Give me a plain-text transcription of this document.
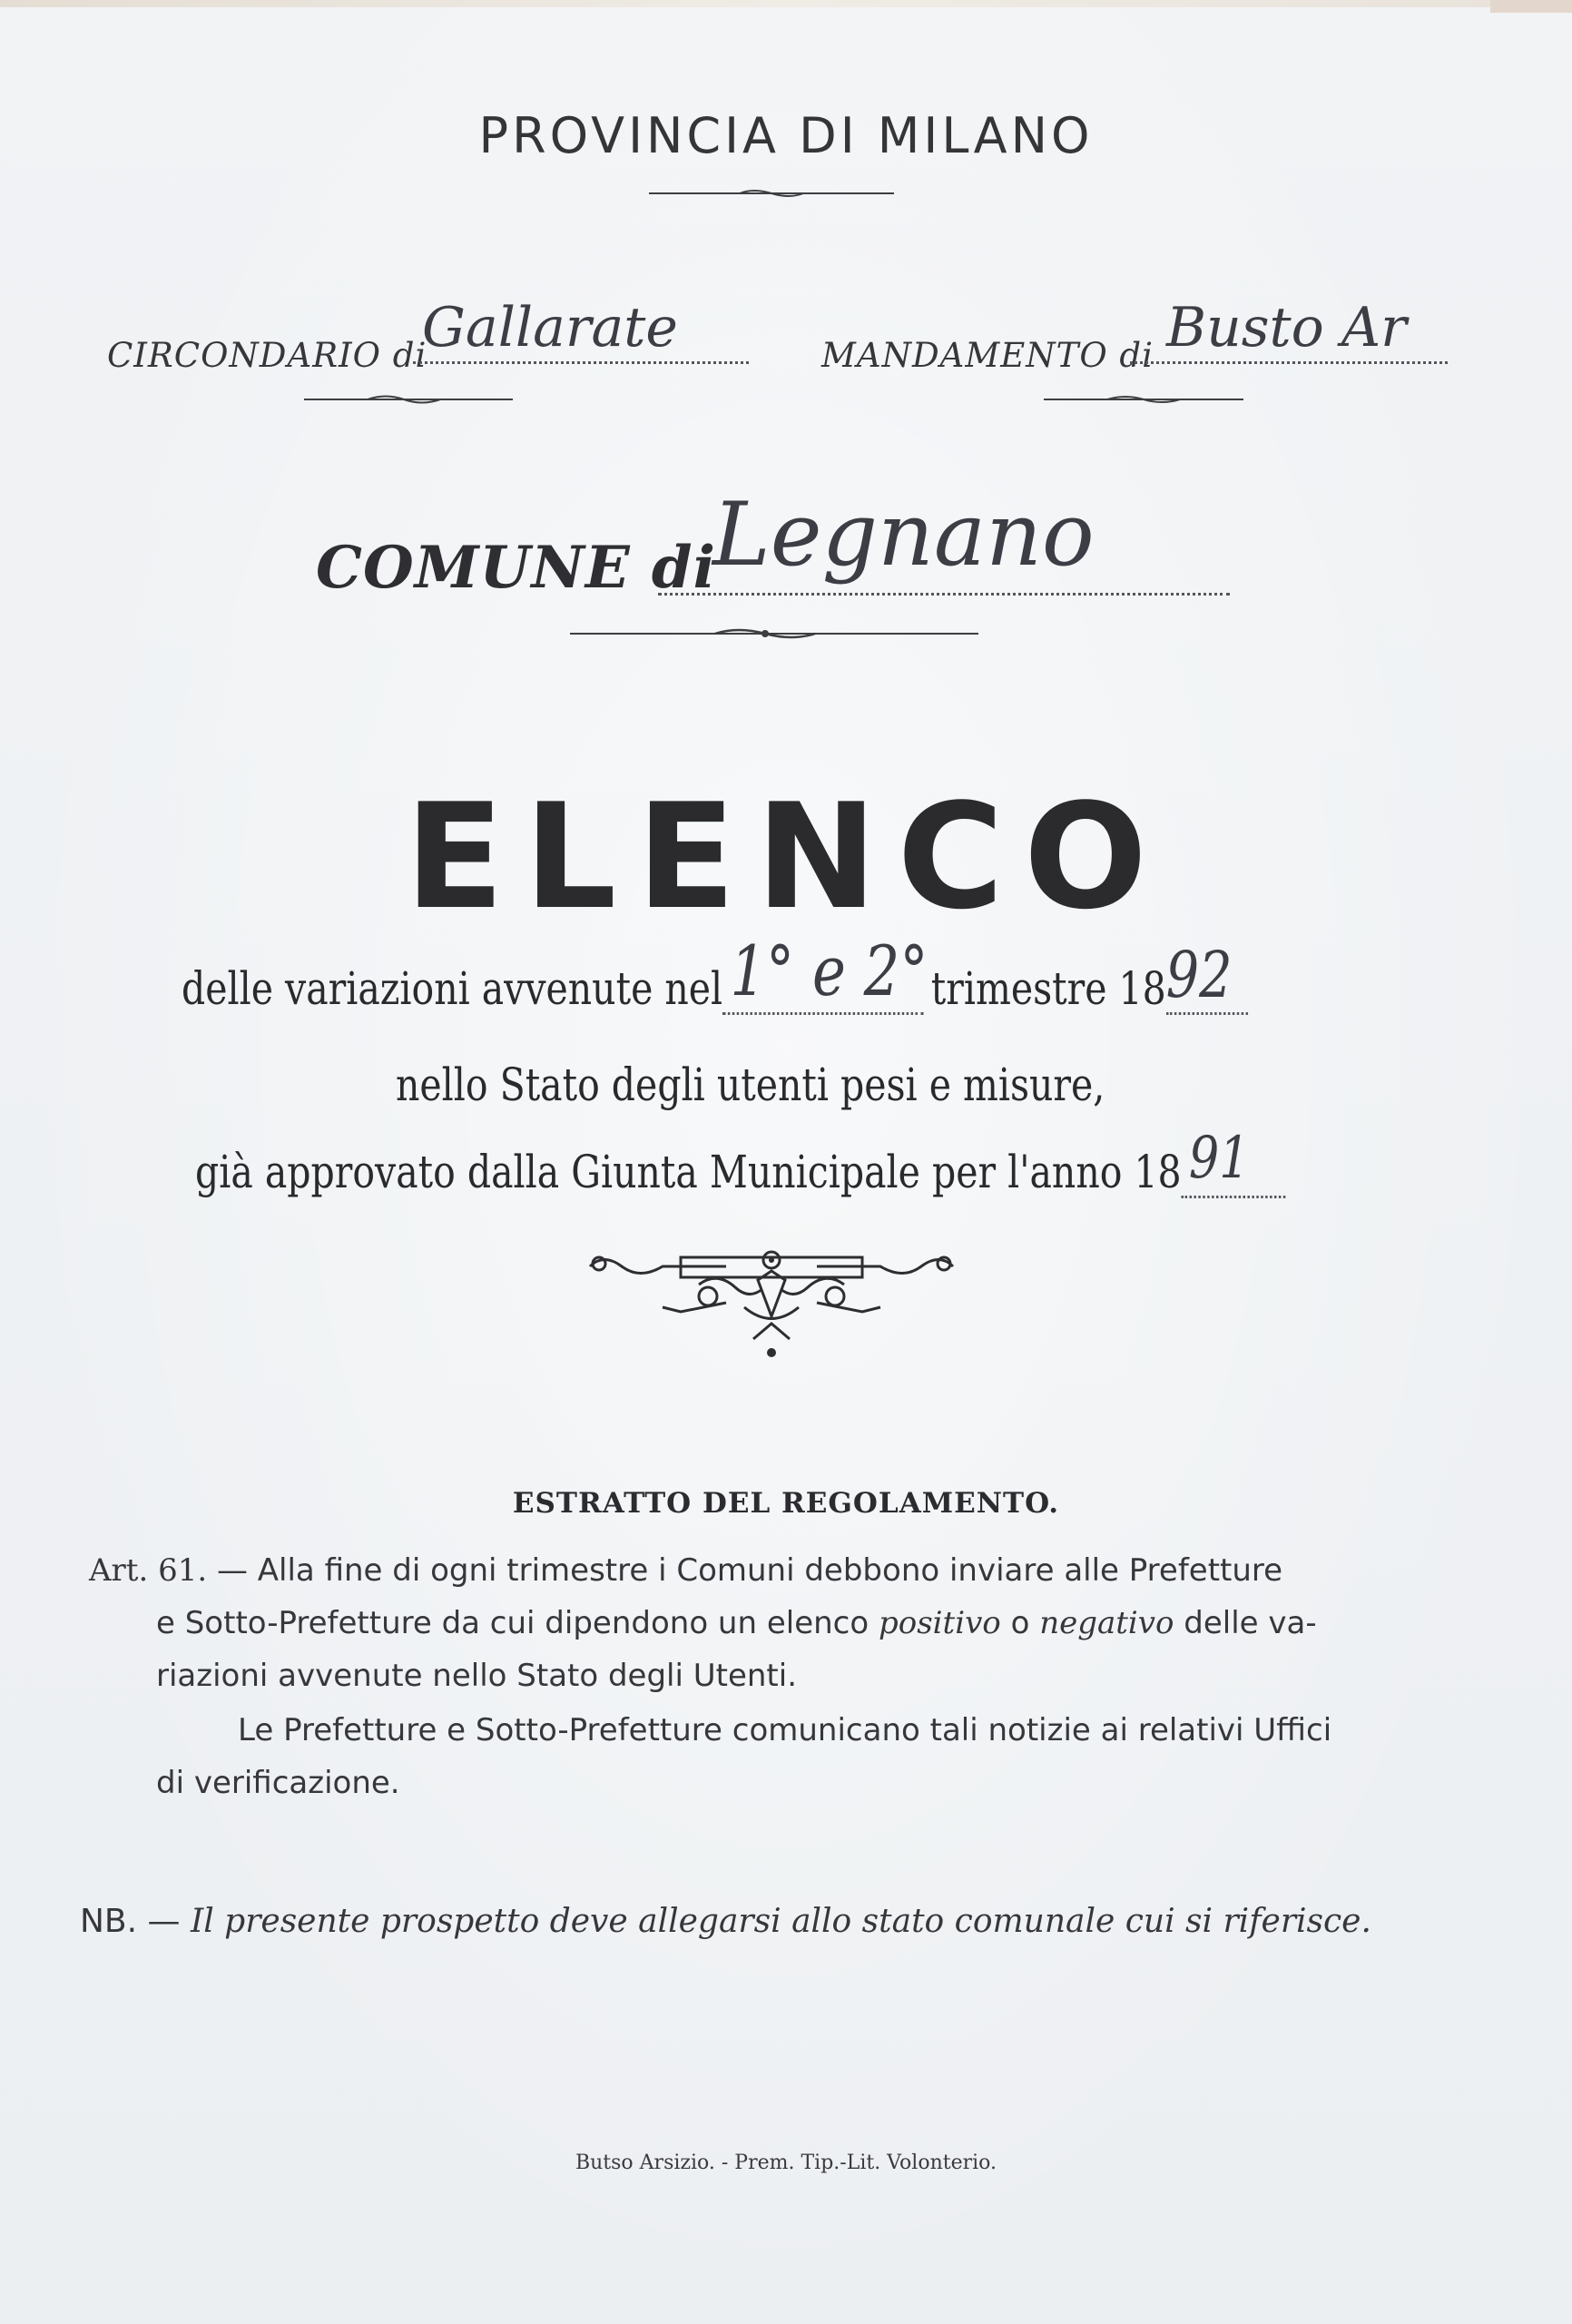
PROVINCIA DI MILANO
CIRCONDARIO di
Gallarate	MANDAMENTO di Busto Ar
COMUNE di
Legnano
ELENCO
delle variazioni avvenute nel 1° e 2° trimestre 18 92
nello Stato degli utenti pesi e misure,
già approvato dalla Giunta Municipale per l'anno 18 91
ESTRATTO DEL REGOLAMENTO.
Art. 61. — Alla fine di ogni trimestre i Comuni debbono inviare alle Prefetture
e Sotto-Prefetture da cui dipendono un elenco positivo o negativo delle va-
riazioni avvenute nello Stato degli Utenti.
Le Prefetture e Sotto-Prefetture comunicano tali notizie ai relativi Uffici
di verificazione.
NB. — Il presente prospetto deve allegarsi allo stato comunale cui si riferisce.
Butso Arsizio. - Prem. Tip.-Lit. Volonterio.
